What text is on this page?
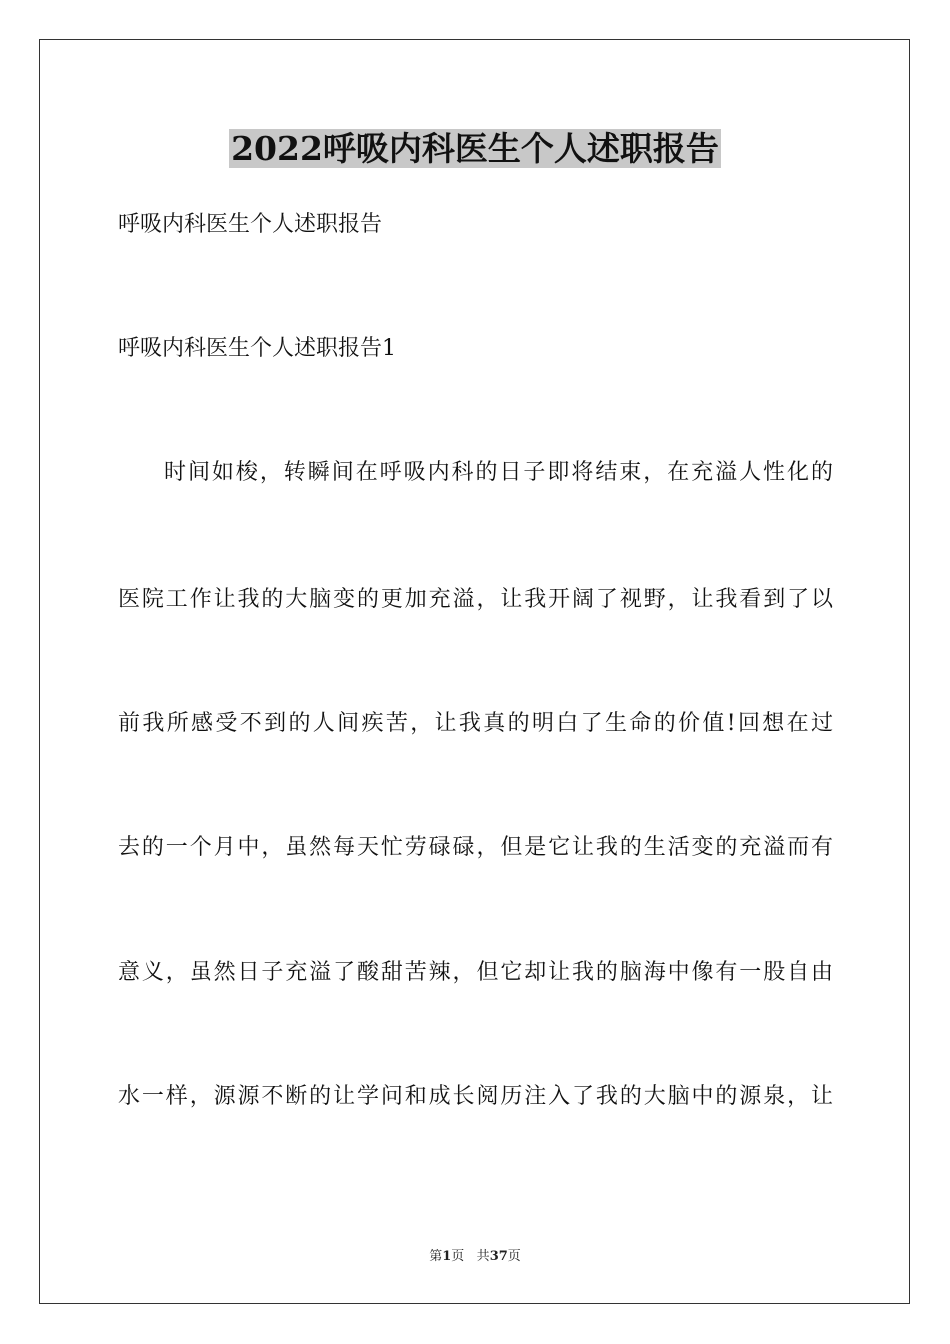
2022呼吸内科医生个人述职报告

呼吸内科医生个人述职报告

呼吸内科医生个人述职报告1

时间如梭，转瞬间在呼吸内科的日子即将结束，在充溢人性化的

医院工作让我的大脑变的更加充溢，让我开阔了视野，让我看到了以

前我所感受不到的人间疾苦，让我真的明白了生命的价值!回想在过

去的一个月中，虽然每天忙劳碌碌，但是它让我的生活变的充溢而有

意义，虽然日子充溢了酸甜苦辣，但它却让我的脑海中像有一股自由

水一样，源源不断的让学问和成长阅历注入了我的大脑中的源泉，让

第1页 共37页
